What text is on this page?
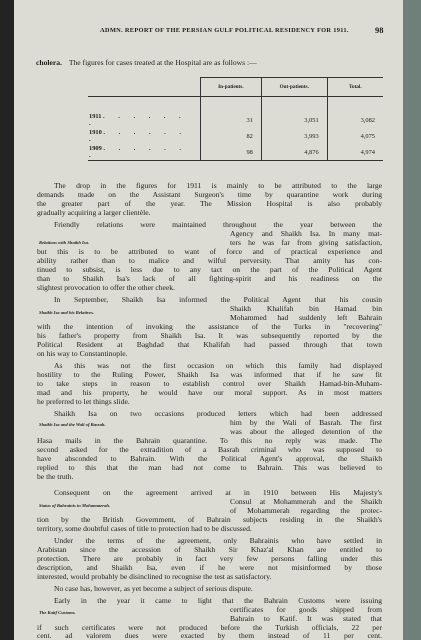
ADMN. REPORT OF THE PERSIAN GULF POLITICAL RESIDENCY FOR 1911.	98
cholera. The figures for cases treated at the Hospital are as follows :—
	In-patients.	Out-patients.	Total.

1911 . . . . . . .	31	3,051	3,082
1910 . . . . . . .	82	3,993	4,075
1909 . . . . . . .	98	4,876	4,974
The drop in the figures for 1911 is mainly to be attributed to the large
demands made on the Assistant Surgeon's time by quarantine work during
the greater part of the year. The Mission Hospital is also probably
gradually acquiring a larger clientèle.
Friendly relations were maintained throughout the year between the
Relations with Shaikh Isa.
Agency and Shaikh Isa. In many mat-
ters he was far from giving satisfaction,
but this is to be attributed to want of force and of practical experience and
ability rather than to malice and wilful perversity. That amity has con-
tinued to subsist, is less due to any tact on the part of the Political Agent
than to Shaikh Isa's lack of all fighting-spirit and his readiness on the
slightest provocation to offer the other cheek.
In September, Shaikh Isa informed the Political Agent that his cousin
Shaikh Isa and his Relatives.	Shaikh Khalifah bin Hamad bin
Mohammed had suddenly left Bahrain
with the intention of invoking the assistance of the Turks in "recovering"
his father's property from Shaikh Isa. It was subsequently reported by the
Political Resident at Baghdad that Khalifah had passed through that town
on his way to Constantinople.
As this was not the first occasion on which this family had displayed
hostility to the Ruling Power, Shaikh Isa was informed that if he saw fit
to take steps in reason to establish control over Shaikh Hamad-bin-Muham-
mad and his property, he would have our moral support. As in most matters
he preferred to let things slide.
Shaikh Isa on two occasions produced letters which had been addressed
Shaikh Isa and the Wali of Basrah.	him by the Wali of Basrah. The first
was about the alleged detention of the
Hasa mails in the Bahrain quarantine. To this no reply was made. The
second asked for the extradition of a Basrah criminal who was supposed to
have absconded to Bahrain. With the Political Agent's approval, the Shaikh
replied to this that the man had not come to Bahrain. This was believed to
be the truth.
Consequent on the agreement arrived at in 1910 between His Majesty's
Status of Bahrainis in Mohammerah.	Consul at Mohammerah and the Shaikh
of Mohammerah regarding the protec-
tion by the British Government, of Bahrain subjects residing in the Shaikh's
territory, some doubtful cases of title to protection had to be discussed.
Under the terms of the agreement, only Bahrainis who have settled in
Arabistan since the accession of Shaikh Sir Khaz'al Khan are entitled to
protection. There are probably in fact very few persons falling under this
description, and Shaikh Isa, even if he were not misinformed by those
interested, would probably be disinclined to recognise the test as satisfactory.
No case has, however, as yet become a subject of serious dispute.
Early in the year it came to light that the Bahrain Customs were issuing
The Katif Customs.	certificates for goods shipped from
Bahrain to Katif. It was stated that
if such certificates were not produced before the Turkish officials, 22 per
cent. ad valorem dues were exacted by them instead of 11 per cent.
